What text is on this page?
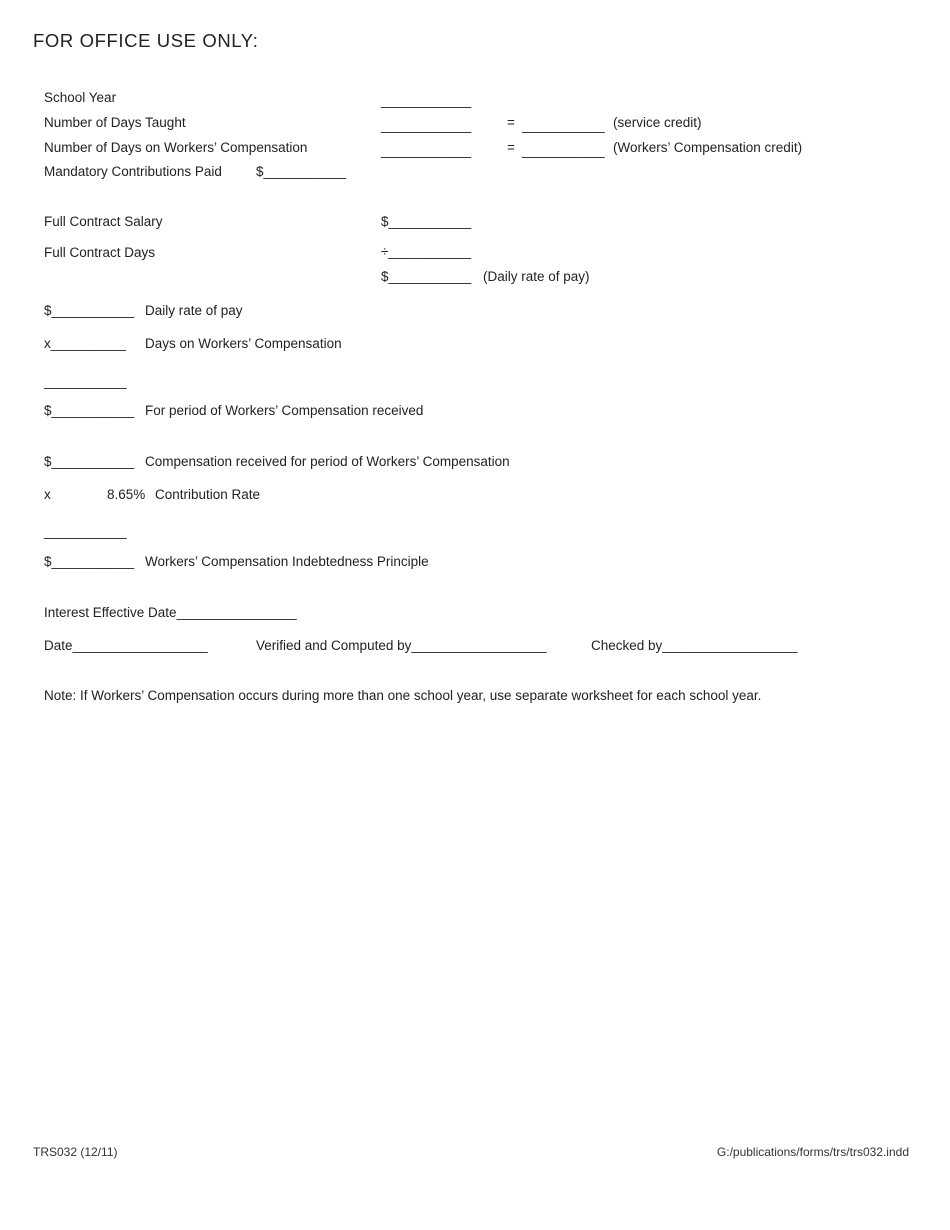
FOR OFFICE USE ONLY:
School Year	____________
Number of Days Taught	____________	= ___________ (service credit)
Number of Days on Workers’ Compensation	____________	= ___________ (Workers’ Compensation credit)
Mandatory Contributions Paid	$___________
Full Contract Salary	$___________
Full Contract Days	÷___________
$___________ (Daily rate of pay)
$___________ Daily rate of pay
x__________ Days on Workers’ Compensation
___________
$___________ For period of Workers’ Compensation received
$___________ Compensation received for period of Workers’ Compensation
x	8.65% Contribution Rate
___________
$___________ Workers’ Compensation Indebtedness Principle
Interest Effective Date________________
Date__________________	Verified and Computed by__________________	Checked by__________________
Note: If Workers’ Compensation occurs during more than one school year, use separate worksheet for each school year.
TRS032 (12/11)	G:/publications/forms/trs/trs032.indd
